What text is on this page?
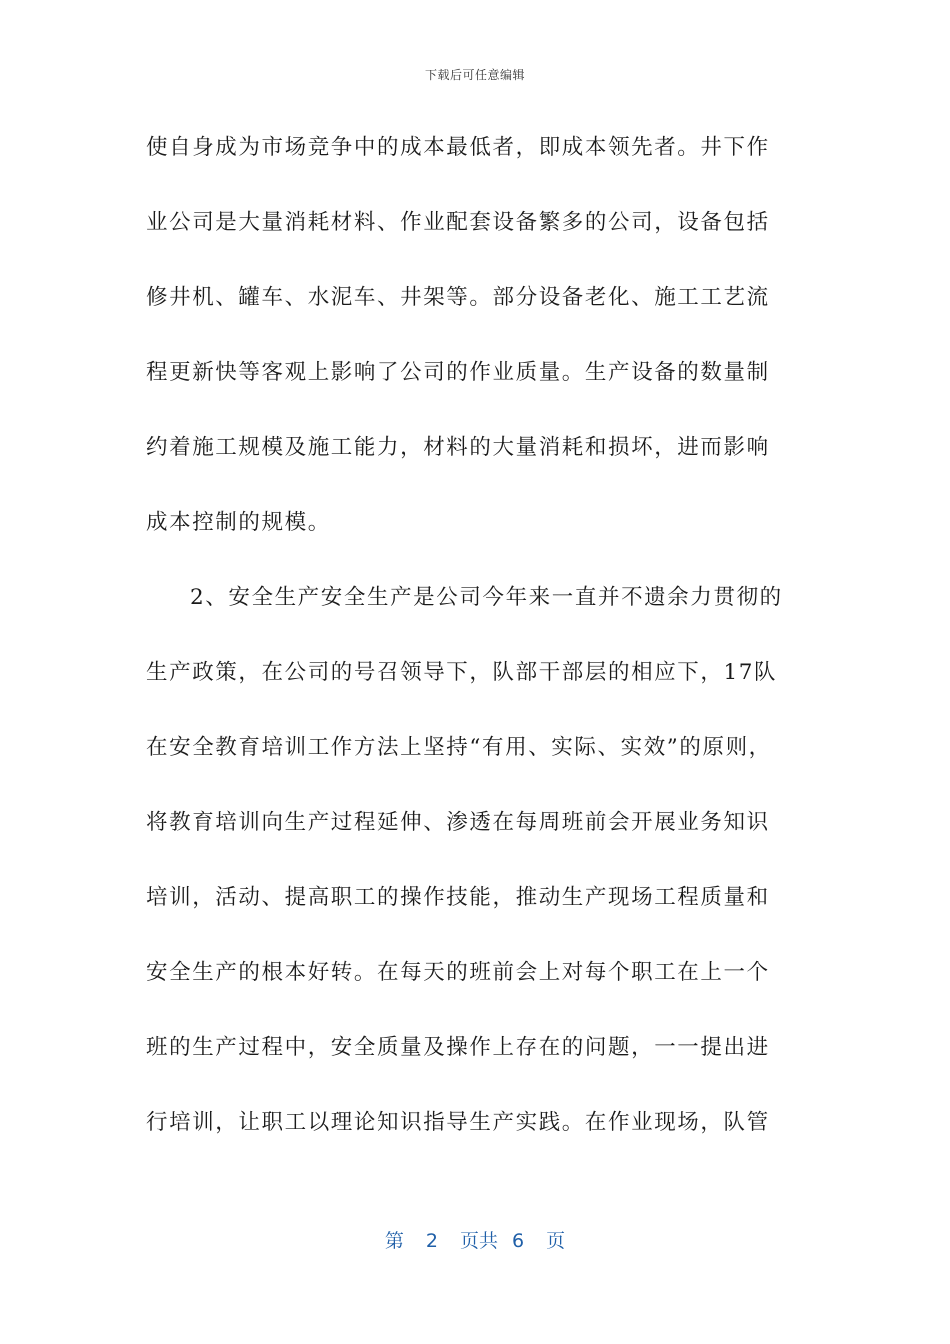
下载后可任意编辑
使自身成为市场竞争中的成本最低者，即成本领先者。井下作
业公司是大量消耗材料、作业配套设备繁多的公司，设备包括
修井机、罐车、水泥车、井架等。部分设备老化、施工工艺流
程更新快等客观上影响了公司的作业质量。生产设备的数量制
约着施工规模及施工能力，材料的大量消耗和损坏，进而影响
成本控制的规模。
2、安全生产安全生产是公司今年来一直并不遗余力贯彻的
生产政策，在公司的号召领导下，队部干部层的相应下，17队
在安全教育培训工作方法上坚持“有用、实际、实效”的原则，
将教育培训向生产过程延伸、渗透在每周班前会开展业务知识
培训，活动、提高职工的操作技能，推动生产现场工程质量和
安全生产的根本好转。在每天的班前会上对每个职工在上一个
班的生产过程中，安全质量及操作上存在的问题，一一提出进
行培训，让职工以理论知识指导生产实践。在作业现场，队管
第 2 页共 6 页
